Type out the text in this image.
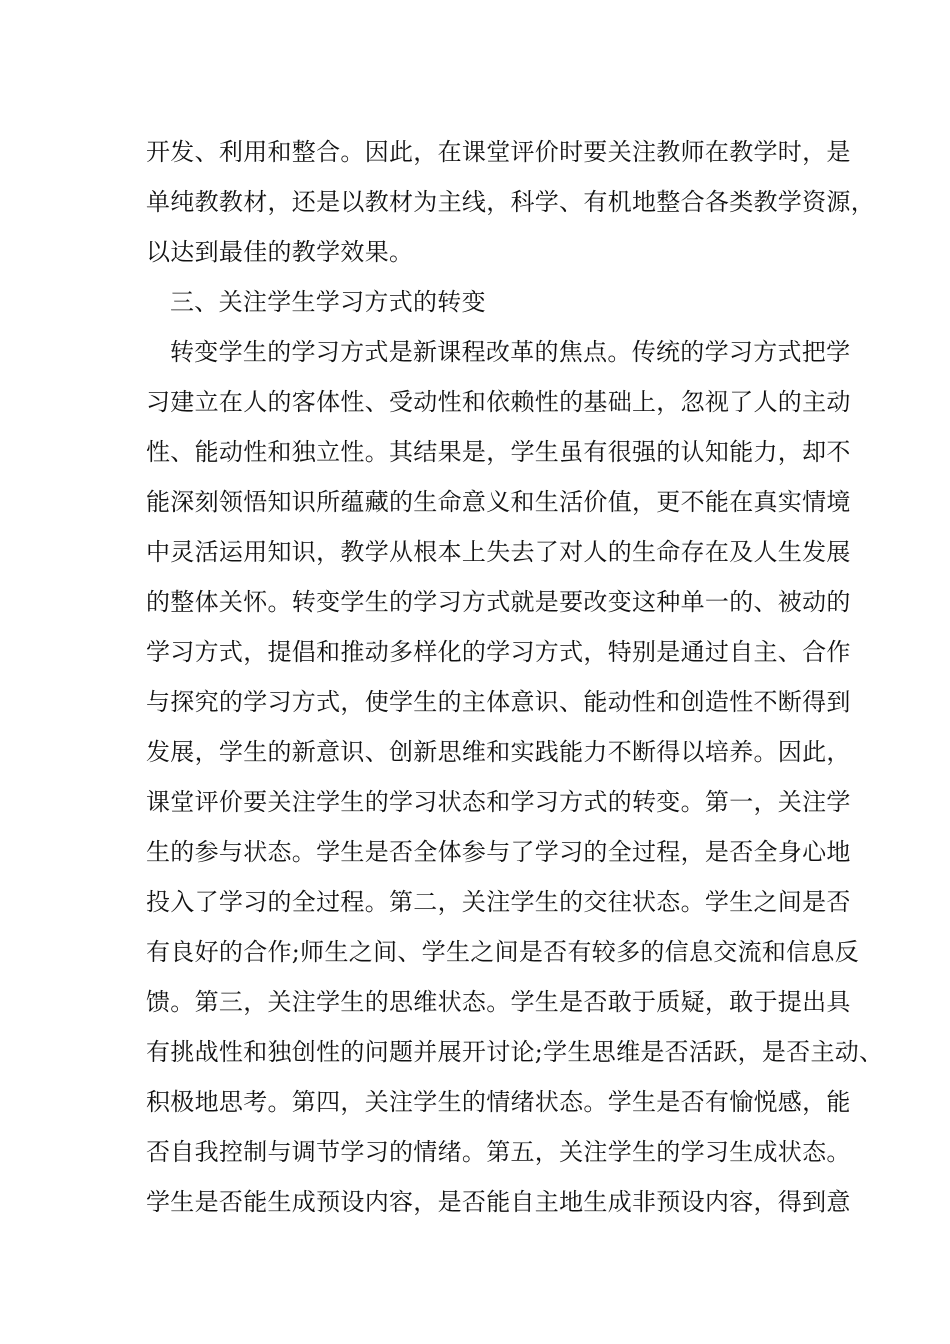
开发、利用和整合。因此，在课堂评价时要关注教师在教学时，是
单纯教教材，还是以教材为主线，科学、有机地整合各类教学资源，
以达到最佳的教学效果。
三、关注学生学习方式的转变
转变学生的学习方式是新课程改革的焦点。传统的学习方式把学
习建立在人的客体性、受动性和依赖性的基础上，忽视了人的主动
性、能动性和独立性。其结果是，学生虽有很强的认知能力，却不
能深刻领悟知识所蕴藏的生命意义和生活价值，更不能在真实情境
中灵活运用知识，教学从根本上失去了对人的生命存在及人生发展
的整体关怀。转变学生的学习方式就是要改变这种单一的、被动的
学习方式，提倡和推动多样化的学习方式，特别是通过自主、合作
与探究的学习方式，使学生的主体意识、能动性和创造性不断得到
发展，学生的新意识、创新思维和实践能力不断得以培养。因此，
课堂评价要关注学生的学习状态和学习方式的转变。第一，关注学
生的参与状态。学生是否全体参与了学习的全过程，是否全身心地
投入了学习的全过程。第二，关注学生的交往状态。学生之间是否
有良好的合作;师生之间、学生之间是否有较多的信息交流和信息反
馈。第三，关注学生的思维状态。学生是否敢于质疑，敢于提出具
有挑战性和独创性的问题并展开讨论;学生思维是否活跃，是否主动、
积极地思考。第四，关注学生的情绪状态。学生是否有愉悦感，能
否自我控制与调节学习的情绪。第五，关注学生的学习生成状态。
学生是否能生成预设内容，是否能自主地生成非预设内容，得到意
